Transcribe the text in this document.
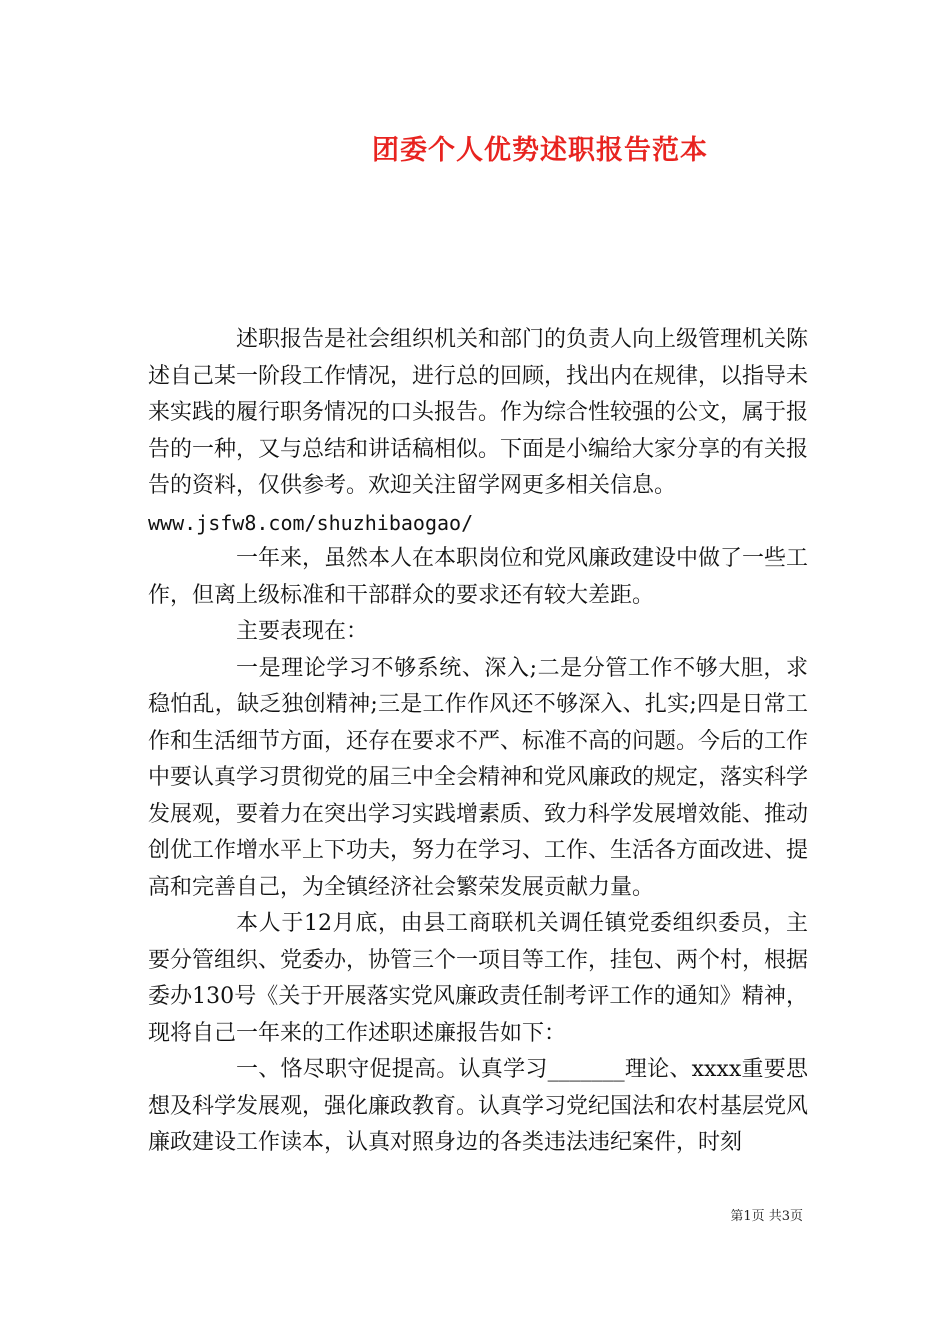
团委个人优势述职报告范本

述职报告是社会组织机关和部门的负责人向上级管理机关陈述自己某一阶段工作情况，进行总的回顾，找出内在规律，以指导未来实践的履行职务情况的口头报告。作为综合性较强的公文，属于报告的一种，又与总结和讲话稿相似。下面是小编给大家分享的有关报告的资料，仅供参考。欢迎关注留学网更多相关信息。

www.jsfw8.com/shuzhibaogao/

一年来，虽然本人在本职岗位和党风廉政建设中做了一些工作，但离上级标准和干部群众的要求还有较大差距。

主要表现在：

一是理论学习不够系统、深入;二是分管工作不够大胆，求稳怕乱，缺乏独创精神;三是工作作风还不够深入、扎实;四是日常工作和生活细节方面，还存在要求不严、标准不高的问题。今后的工作中要认真学习贯彻党的届三中全会精神和党风廉政的规定，落实科学发展观，要着力在突出学习实践增素质、致力科学发展增效能、推动创优工作增水平上下功夫，努力在学习、工作、生活各方面改进、提高和完善自己，为全镇经济社会繁荣发展贡献力量。

本人于12月底，由县工商联机关调任镇党委组织委员，主要分管组织、党委办，协管三个一项目等工作，挂包、两个村，根据委办130号《关于开展落实党风廉政责任制考评工作的通知》精神，现将自己一年来的工作述职述廉报告如下：

一、恪尽职守促提高。认真学习_______理论、xxxx重要思想及科学发展观，强化廉政教育。认真学习党纪国法和农村基层党风廉政建设工作读本，认真对照身边的各类违法违纪案件，时刻

第1页 共3页
